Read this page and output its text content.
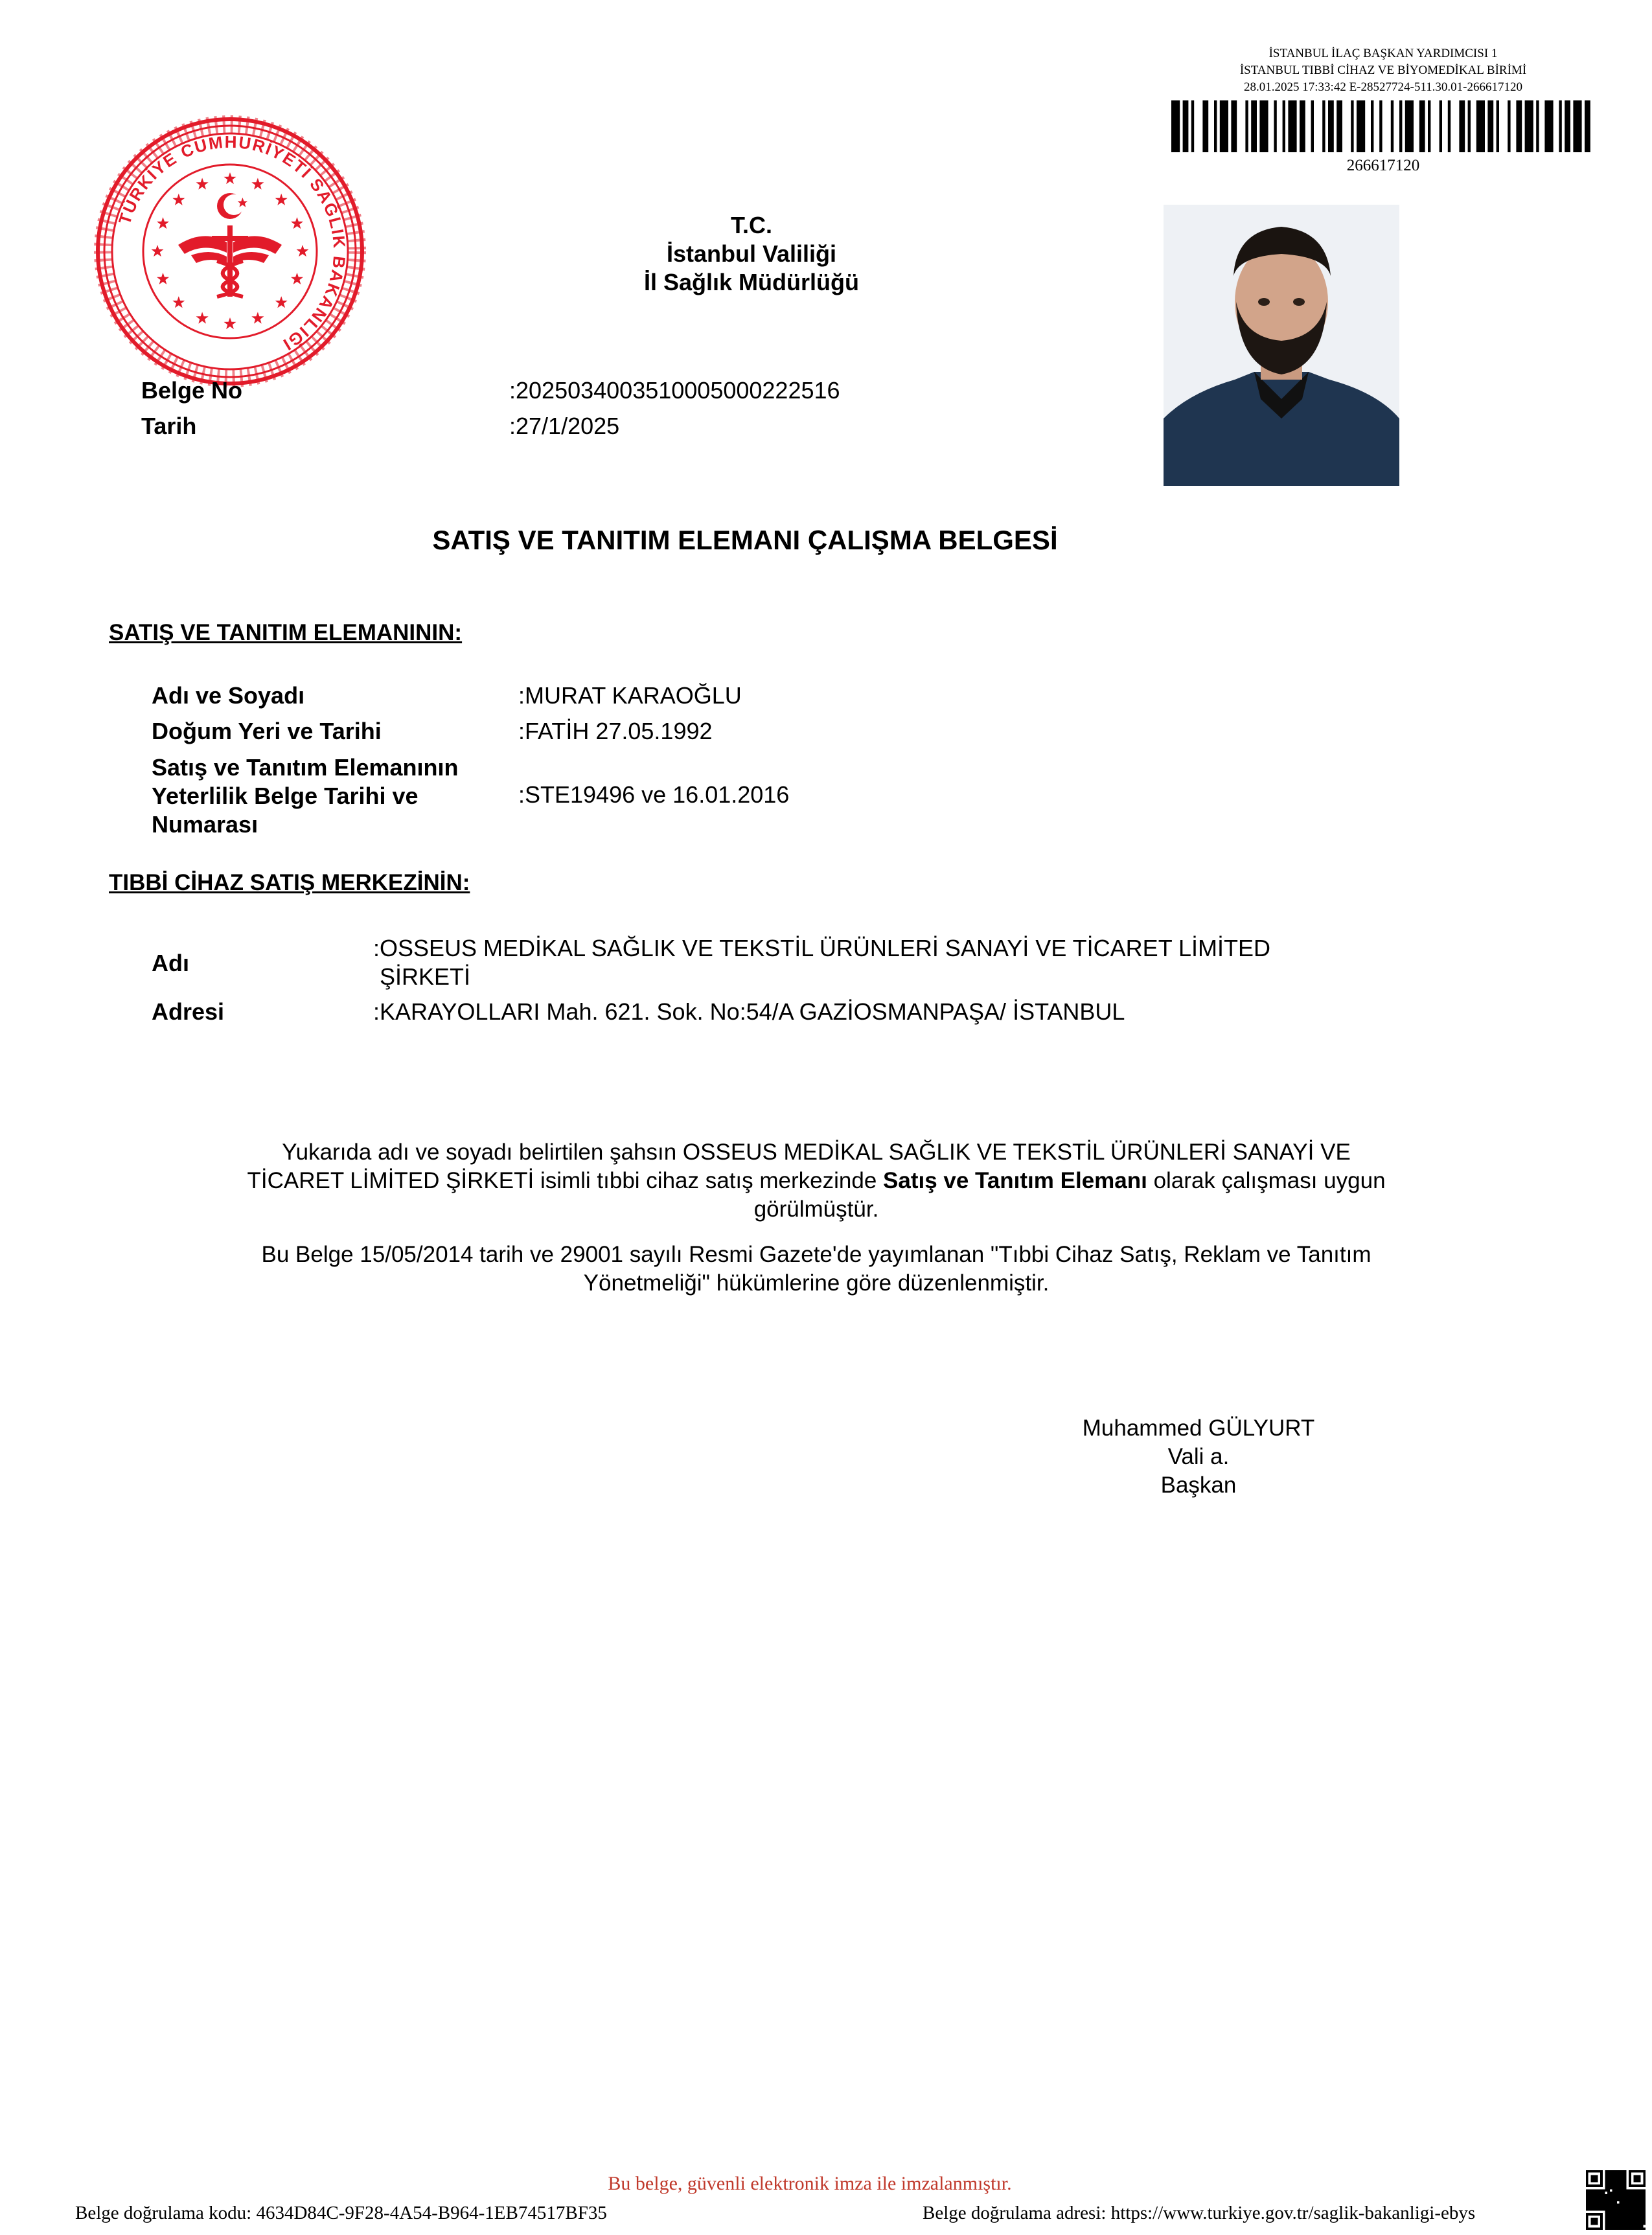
TÜRKİYE CUMHURİYETİ SAĞLIK BAKANLIĞI
İSTANBUL İLAÇ BAŞKAN YARDIMCISI 1
İSTANBUL TIBBİ CİHAZ VE BİYOMEDİKAL BİRİMİ
28.01.2025 17:33:42 E-28527724-511.30.01-266617120
266617120
T.C.
İstanbul Valiliği
İl Sağlık Müdürlüğü
Belge No	:2025034003510005000222516
Tarih	:27/1/2025
SATIŞ VE TANITIM ELEMANI ÇALIŞMA BELGESİ
SATIŞ VE TANITIM ELEMANININ:
Adı ve Soyadı	:MURAT KARAOĞLU
Doğum Yeri ve Tarihi	:FATİH 27.05.1992
Satış ve Tanıtım Elemanının
Yeterlilik Belge Tarihi ve
Numarası
:STE19496 ve 16.01.2016
TIBBİ CİHAZ SATIŞ MERKEZİNİN:
Adı
:OSSEUS MEDİKAL SAĞLIK VE TEKSTİL ÜRÜNLERİ SANAYİ VE TİCARET LİMİTED
ŞİRKETİ
Adresi	:KARAYOLLARI Mah. 621. Sok. No:54/A GAZİOSMANPAŞA/ İSTANBUL
Yukarıda adı ve soyadı belirtilen şahsın OSSEUS MEDİKAL SAĞLIK VE TEKSTİL ÜRÜNLERİ SANAYİ VE
TİCARET LİMİTED ŞİRKETİ isimli tıbbi cihaz satış merkezinde Satış ve Tanıtım Elemanı olarak çalışması uygun
görülmüştür.
Bu Belge 15/05/2014 tarih ve 29001 sayılı Resmi Gazete'de yayımlanan "Tıbbi Cihaz Satış, Reklam ve Tanıtım
Yönetmeliği" hükümlerine göre düzenlenmiştir.
Muhammed GÜLYURT
Vali a.
Başkan
Bu belge, güvenli elektronik imza ile imzalanmıştır.
Belge doğrulama kodu: 4634D84C-9F28-4A54-B964-1EB74517BF35	Belge doğrulama adresi: https://www.turkiye.gov.tr/saglik-bakanligi-ebys
